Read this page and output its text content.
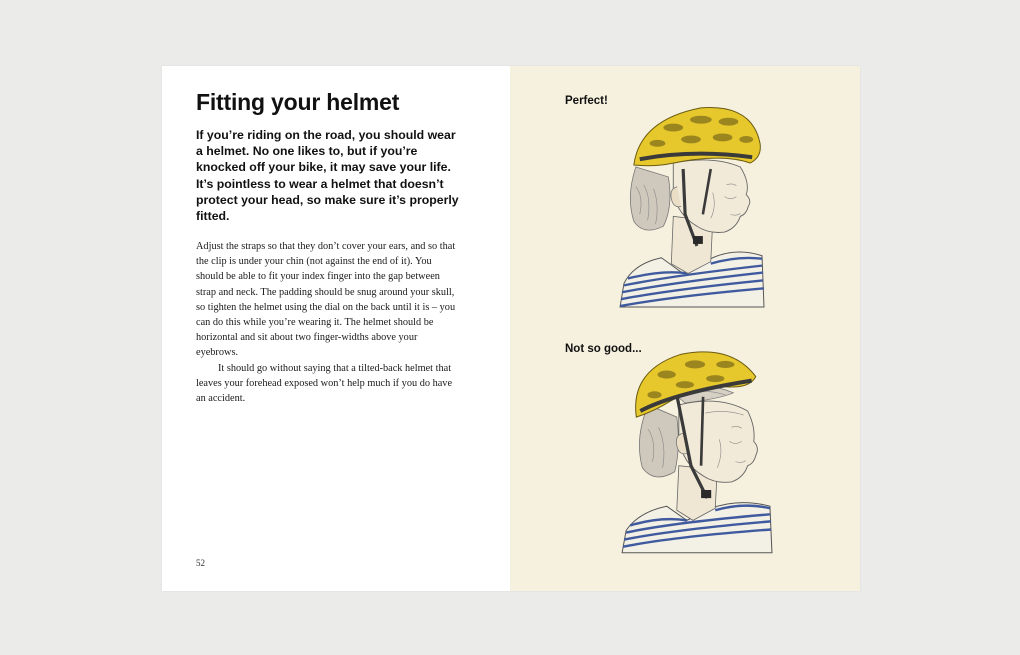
Fitting your helmet

If you’re riding on the road, you should wear a helmet. No one likes to, but if you’re knocked off your bike, it may save your life. It’s pointless to wear a helmet that doesn’t protect your head, so make sure it’s properly fitted.

Adjust the straps so that they don’t cover your ears, and so that the clip is under your chin (not against the end of it). You should be able to fit your index finger into the gap between strap and neck. The padding should be snug around your skull, so tighten the helmet using the dial on the back until it is – you can do this while you’re wearing it. The helmet should be horizontal and sit about two finger-widths above your eyebrows.

It should go without saying that a tilted-back helmet that leaves your forehead exposed won’t help much if you do have an accident.

52
Perfect!
Not so good...
